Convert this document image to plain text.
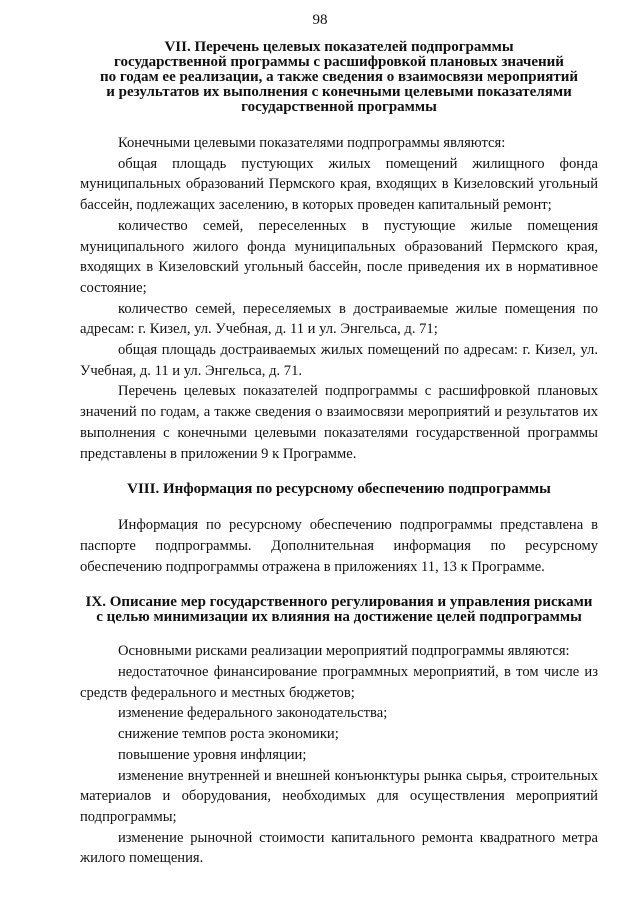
98
VII. Перечень целевых показателей подпрограммы
государственной программы с расшифровкой плановых значений
по годам ее реализации, а также сведения о взаимосвязи мероприятий
и результатов их выполнения с конечными целевыми показателями
государственной программы

Конечными целевыми показателями подпрограммы являются:

общая площадь пустующих жилых помещений жилищного фонда муниципальных образований Пермского края, входящих в Кизеловский угольный бассейн, подлежащих заселению, в которых проведен капитальный ремонт;

количество семей, переселенных в пустующие жилые помещения муниципального жилого фонда муниципальных образований Пермского края, входящих в Кизеловский угольный бассейн, после приведения их в нормативное состояние;

количество семей, переселяемых в достраиваемые жилые помещения по адресам: г. Кизел, ул. Учебная, д. 11 и ул. Энгельса, д. 71;

общая площадь достраиваемых жилых помещений по адресам: г. Кизел, ул. Учебная, д. 11 и ул. Энгельса, д. 71.

Перечень целевых показателей подпрограммы с расшифровкой плановых значений по годам, а также сведения о взаимосвязи мероприятий и результатов их выполнения с конечными целевыми показателями государственной программы представлены в приложении 9 к Программе.

VIII. Информация по ресурсному обеспечению подпрограммы

Информация по ресурсному обеспечению подпрограммы представлена в паспорте подпрограммы. Дополнительная информация по ресурсному обеспечению подпрограммы отражена в приложениях 11, 13 к Программе.

IX. Описание мер государственного регулирования и управления рисками
с целью минимизации их влияния на достижение целей подпрограммы

Основными рисками реализации мероприятий подпрограммы являются:

недостаточное финансирование программных мероприятий, в том числе из средств федерального и местных бюджетов;

изменение федерального законодательства;

снижение темпов роста экономики;

повышение уровня инфляции;

изменение внутренней и внешней конъюнктуры рынка сырья, строительных материалов и оборудования, необходимых для осуществления мероприятий подпрограммы;

изменение рыночной стоимости капитального ремонта квадратного метра жилого помещения.
